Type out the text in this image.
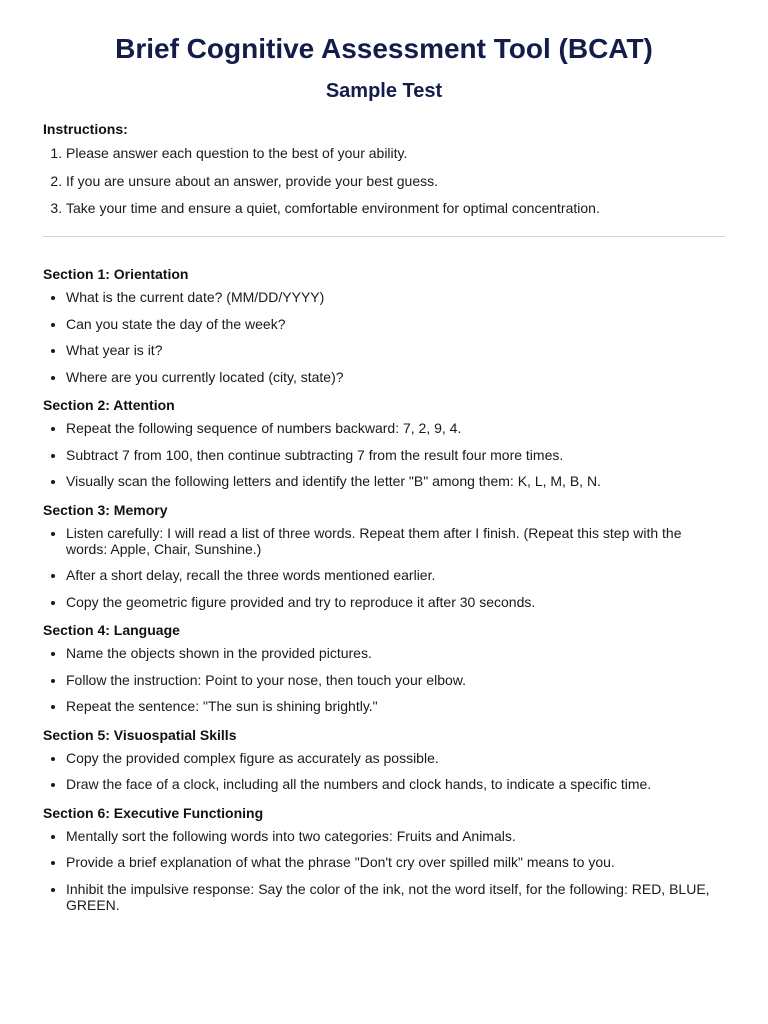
Brief Cognitive Assessment Tool (BCAT)
Sample Test

Instructions:

1. Please answer each question to the best of your ability.
2. If you are unsure about an answer, provide your best guess.
3. Take your time and ensure a quiet, comfortable environment for optimal concentration.

Section 1: Orientation

• What is the current date? (MM/DD/YYYY)
• Can you state the day of the week?
• What year is it?
• Where are you currently located (city, state)?

Section 2: Attention

• Repeat the following sequence of numbers backward: 7, 2, 9, 4.
• Subtract 7 from 100, then continue subtracting 7 from the result four more times.
• Visually scan the following letters and identify the letter "B" among them: K, L, M, B, N.

Section 3: Memory

• Listen carefully: I will read a list of three words. Repeat them after I finish. (Repeat this step with the words: Apple, Chair, Sunshine.)
• After a short delay, recall the three words mentioned earlier.
• Copy the geometric figure provided and try to reproduce it after 30 seconds.

Section 4: Language

• Name the objects shown in the provided pictures.
• Follow the instruction: Point to your nose, then touch your elbow.
• Repeat the sentence: "The sun is shining brightly."

Section 5: Visuospatial Skills

• Copy the provided complex figure as accurately as possible.
• Draw the face of a clock, including all the numbers and clock hands, to indicate a specific time.

Section 6: Executive Functioning

• Mentally sort the following words into two categories: Fruits and Animals.
• Provide a brief explanation of what the phrase "Don't cry over spilled milk" means to you.
• Inhibit the impulsive response: Say the color of the ink, not the word itself, for the following: RED, BLUE, GREEN.
